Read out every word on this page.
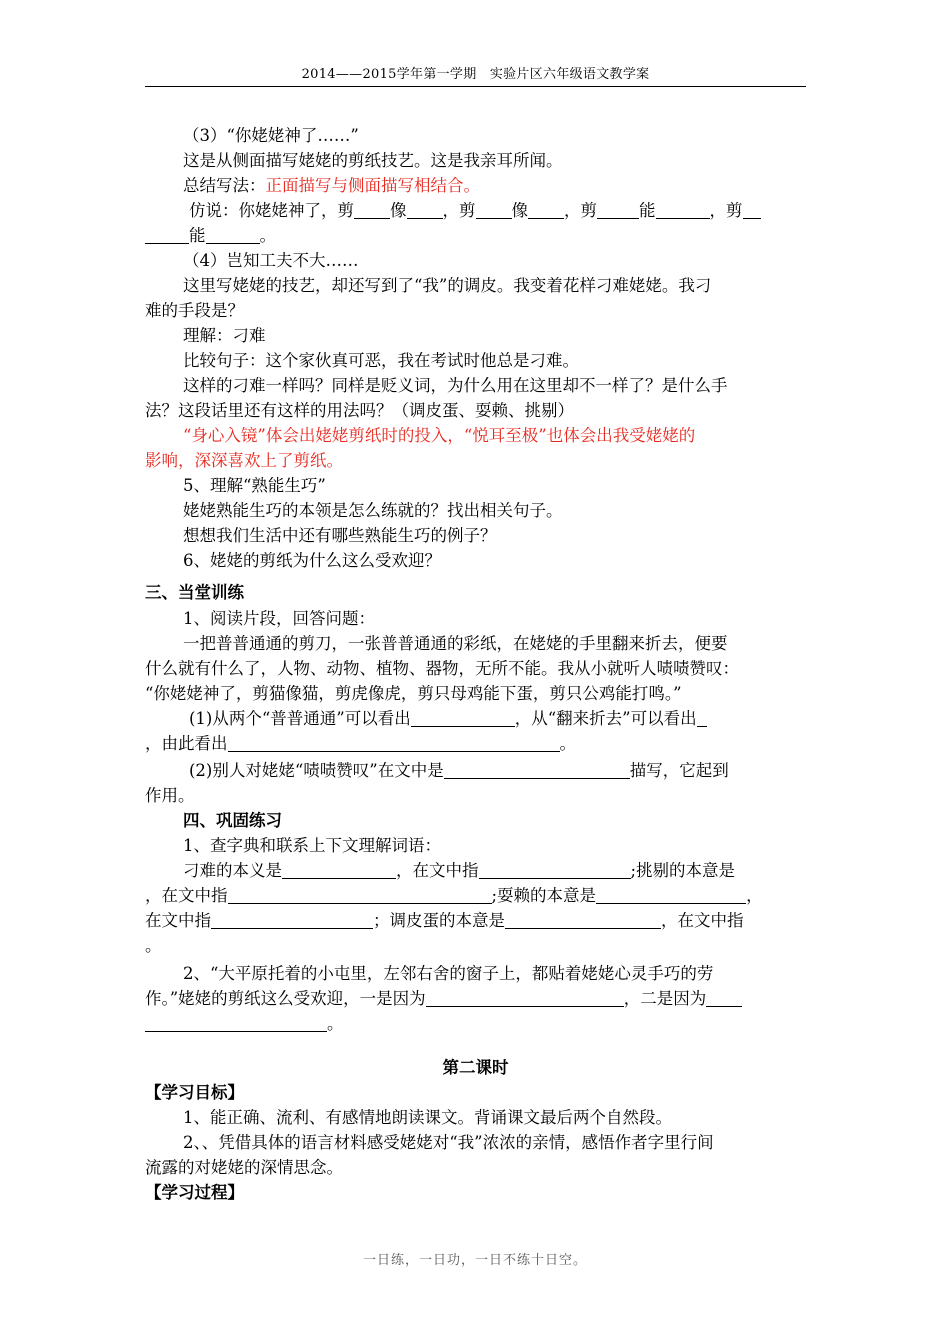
2014——2015学年第一学期　实验片区六年级语文教学案
（3）“你姥姥神了……”
这是从侧面描写姥姥的剪纸技艺。这是我亲耳所闻。
总结写法：正面描写与侧面描写相结合。
仿说：你姥姥神了，剪 像 ，剪 像 ，剪	能	，剪
能	。
（4）岂知工夫不大……
这里写姥姥的技艺，却还写到了“我”的调皮。我变着花样刁难姥姥。我刁
难的手段是？
理解：刁难
比较句子：这个家伙真可恶，我在考试时他总是刁难。
这样的刁难一样吗？同样是贬义词，为什么用在这里却不一样了？是什么手
法？这段话里还有这样的用法吗？（调皮蛋、耍赖、挑剔）
“身心入镜”体会出姥姥剪纸时的投入，“悦耳至极”也体会出我受姥姥的
影响，深深喜欢上了剪纸。
5、理解“熟能生巧”
姥姥熟能生巧的本领是怎么练就的？找出相关句子。
想想我们生活中还有哪些熟能生巧的例子？
6、姥姥的剪纸为什么这么受欢迎？
三、当堂训练
1、阅读片段，回答问题：
一把普普通通的剪刀，一张普普通通的彩纸，在姥姥的手里翻来折去，便要
什么就有什么了，人物、动物、植物、器物，无所不能。我从小就听人啧啧赞叹：
“你姥姥神了，剪猫像猫，剪虎像虎，剪只母鸡能下蛋，剪只公鸡能打鸣。”
(1)从两个“普普通通”可以看出	，从“翻来折去”可以看出
，由此看出	。
(2)别人对姥姥“啧啧赞叹”在文中是	描写，它起到
作用。
四、巩固练习
1、查字典和联系上下文理解词语：
刁难的本义是	，在文中指	;挑剔的本意是
，在文中指	;耍赖的本意是	，
在文中指	；调皮蛋的本意是	，在文中指
。
2、“大平原托着的小屯里，左邻右舍的窗子上，都贴着姥姥心灵手巧的劳
作。”姥姥的剪纸这么受欢迎，一是因为	，二是因为
。
第二课时
【学习目标】
1、能正确、流利、有感情地朗读课文。背诵课文最后两个自然段。
2、、凭借具体的语言材料感受姥姥对“我”浓浓的亲情，感悟作者字里行间
流露的对姥姥的深情思念。
【学习过程】
一日练，一日功，一日不练十日空。
